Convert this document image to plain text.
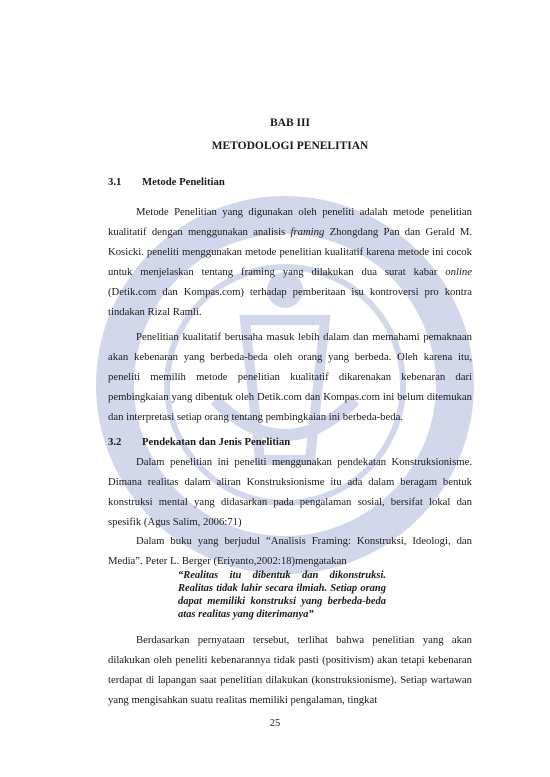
BAB III
METODOLOGI PENELITIAN
3.1 Metode Penelitian

Metode Penelitian yang digunakan oleh peneliti adalah metode penelitian kualitatif dengan menggunakan analisis framing Zhongdang Pan dan Gerald M. Kosicki. peneliti menggunakan metode penelitian kualitatif karena metode ini cocok untuk menjelaskan tentang framing yang dilakukan dua surat kabar online (Detik.com dan Kompas.com) terhadap pemberitaan isu kontroversi pro kontra tindakan Rizal Ramli.

Penelitian kualitatif berusaha masuk lebih dalam dan memahami pemaknaan akan kebenaran yang berbeda-beda oleh orang yang berbeda. Oleh karena itu, peneliti memilih metode penelitian kualitatif dikarenakan kebenaran dari pembingkaian yang dibentuk oleh Detik.com dan Kompas.com ini belum ditemukan dan interpretasi setiap orang tentang pembingkaian ini berbeda-beda.

3.2 Pendekatan dan Jenis Penelitian

Dalam penelitian ini peneliti menggunakan pendekatan Konstruksionisme. Dimana realitas dalam aliran Konstruksionisme itu ada dalam beragam bentuk konstruksi mental yang didasarkan pada pengalaman sosial, bersifat lokal dan spesifik (Agus Salim, 2006:71)

Dalam buku yang berjudul “Analisis Framing: Konstruksi, Ideologi, dan Media”. Peter L. Berger (Eriyanto,2002:18)mengatakan

“Realitas itu dibentuk dan dikonstruksi. Realitas tidak lahir secara ilmiah. Setiap orang dapat memiliki konstruksi yang berbeda-beda atas realitas yang diterimanya”

Berdasarkan pernyataan tersebut, terlihat bahwa penelitian yang akan dilakukan oleh peneliti kebenarannya tidak pasti (positivism) akan tetapi kebenaran terdapat di lapangan saat penelitian dilakukan (konstruksionisme). Setiap wartawan yang mengisahkan suatu realitas memiliki pengalaman, tingkat

25
